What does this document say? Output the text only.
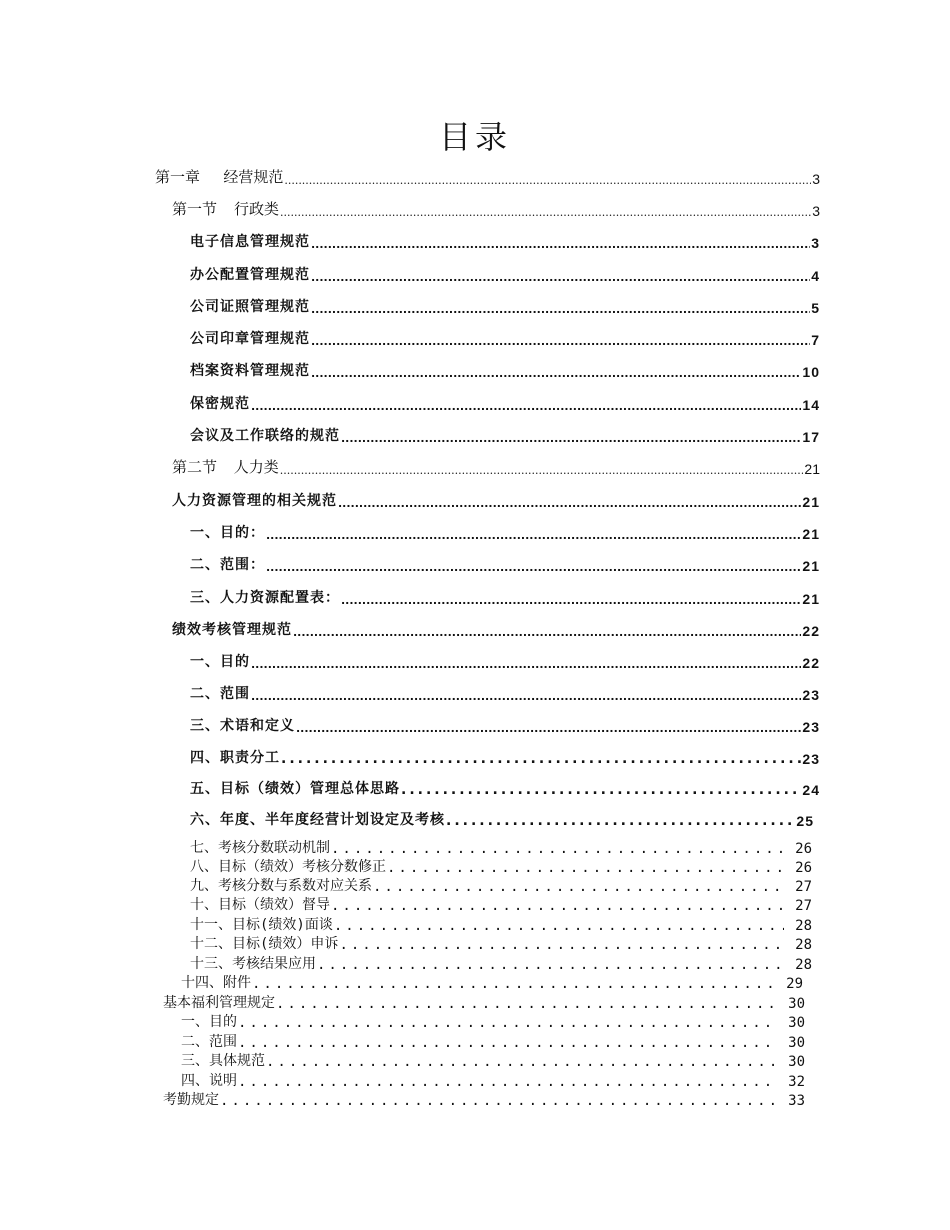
目录
第一章 经营规范 .....	3
第一节 行政类 .....	3
电子信息管理规范 .....	3
办公配置管理规范 .....	4
公司证照管理规范 .....	5
公司印章管理规范 .....	7
档案资料管理规范 .....	10
保密规范 .....	14
会议及工作联络的规范 .....	17
第二节 人力类 .....	21
人力资源管理的相关规范 .....	21
一、目的： .....	21
二、范围： .....	21
三、人力资源配置表： .....	21
绩效考核管理规范 .....	22
一、目的 .....	22
二、范围 .....	23
三、术语和定义 .....	23
四、职责分工 .....	23
五、目标（绩效）管理总体思路 .....	24
六、年度、半年度经营计划设定及考核 .....	25
七、考核分数联动机制 .....	26
八、目标（绩效）考核分数修正 .....	26
九、考核分数与系数对应关系 .....	27
十、目标（绩效）督导 .....	27
十一、目标(绩效)面谈 .....	28
十二、目标(绩效）申诉 .....	28
十三、考核结果应用 .....	28
十四、附件 .....	29
基本福利管理规定 .....	30
一、目的 .....	30
二、范围 .....	30
三、具体规范 .....	30
四、说明 .....	32
考勤规定 .....	33
